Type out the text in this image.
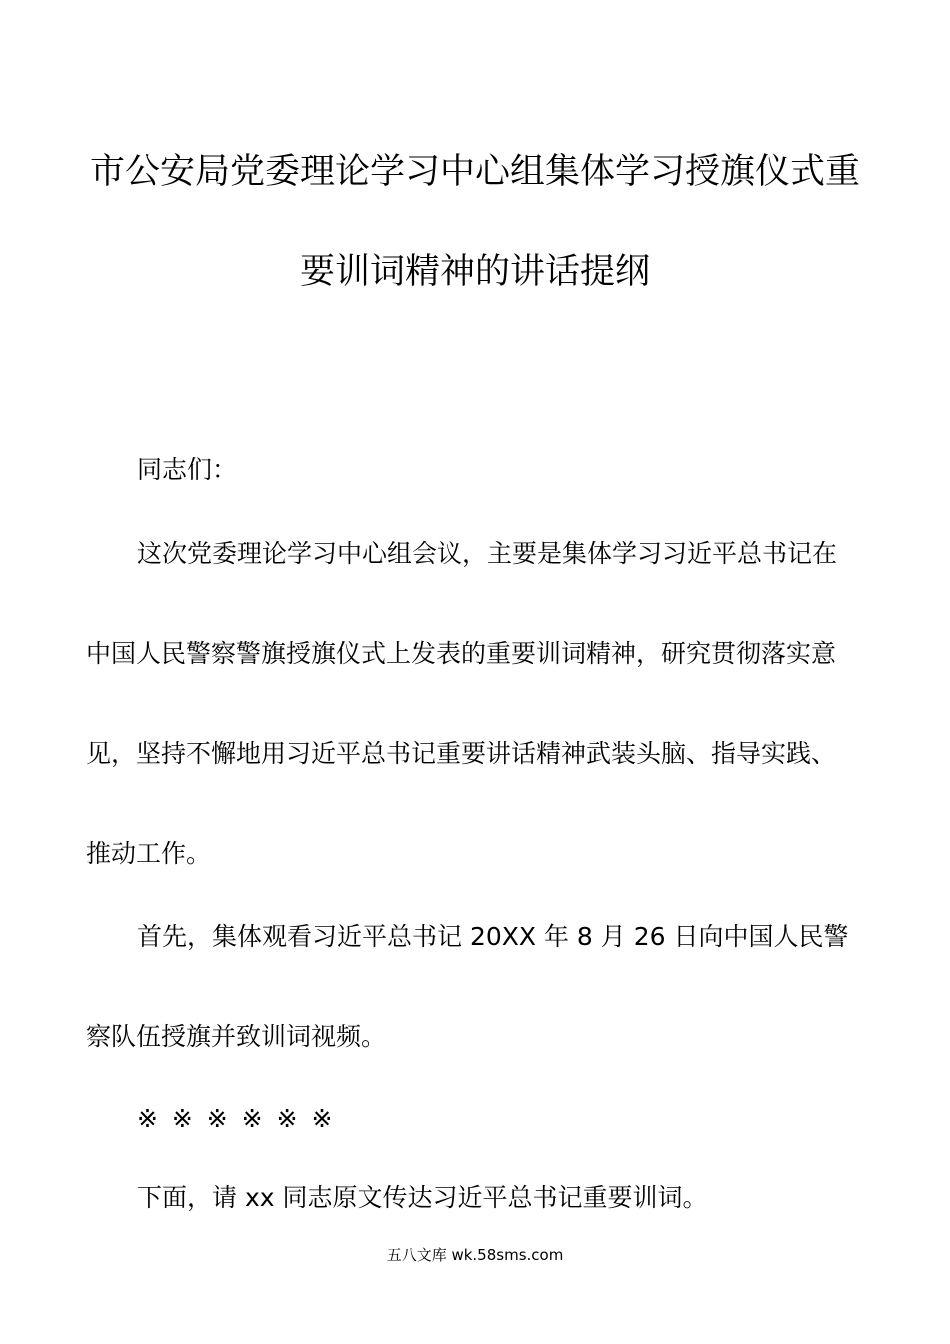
市公安局党委理论学习中心组集体学习授旗仪式重
要训词精神的讲话提纲
同志们：
这次党委理论学习中心组会议，主要是集体学习习近平总书记在
中国人民警察警旗授旗仪式上发表的重要训词精神，研究贯彻落实意
见，坚持不懈地用习近平总书记重要讲话精神武装头脑、指导实践、
推动工作。
首先，集体观看习近平总书记 20XX 年 8 月 26 日向中国人民警
察队伍授旗并致训词视频。
※ ※ ※ ※ ※ ※
下面，请 xx 同志原文传达习近平总书记重要训词。
五八文库 wk.58sms.com
